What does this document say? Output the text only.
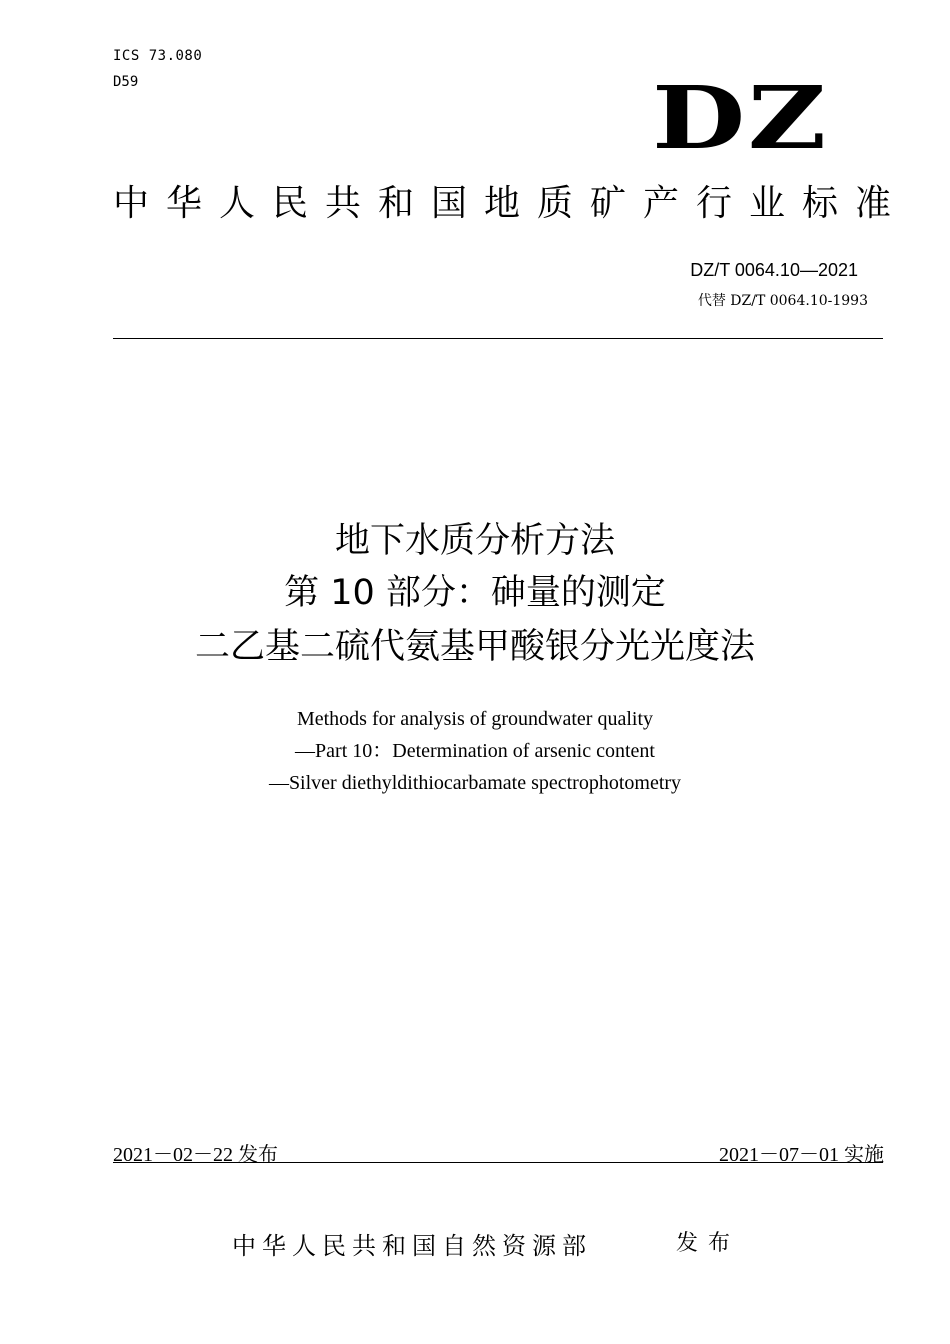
ICS 73.080
D59	DZ
中华人民共和国地质矿产行业标准
DZ/T 0064.10—2021
代替 DZ/T 0064.10-1993
地下水质分析方法
第 10 部分：砷量的测定
二乙基二硫代氨基甲酸银分光光度法
Methods for analysis of groundwater quality
—Part 10：Determination of arsenic content
—Silver diethyldithiocarbamate spectrophotometry
2021－02－22 发布	2021－07－01 实施
中华人民共和国自然资源部	发布
